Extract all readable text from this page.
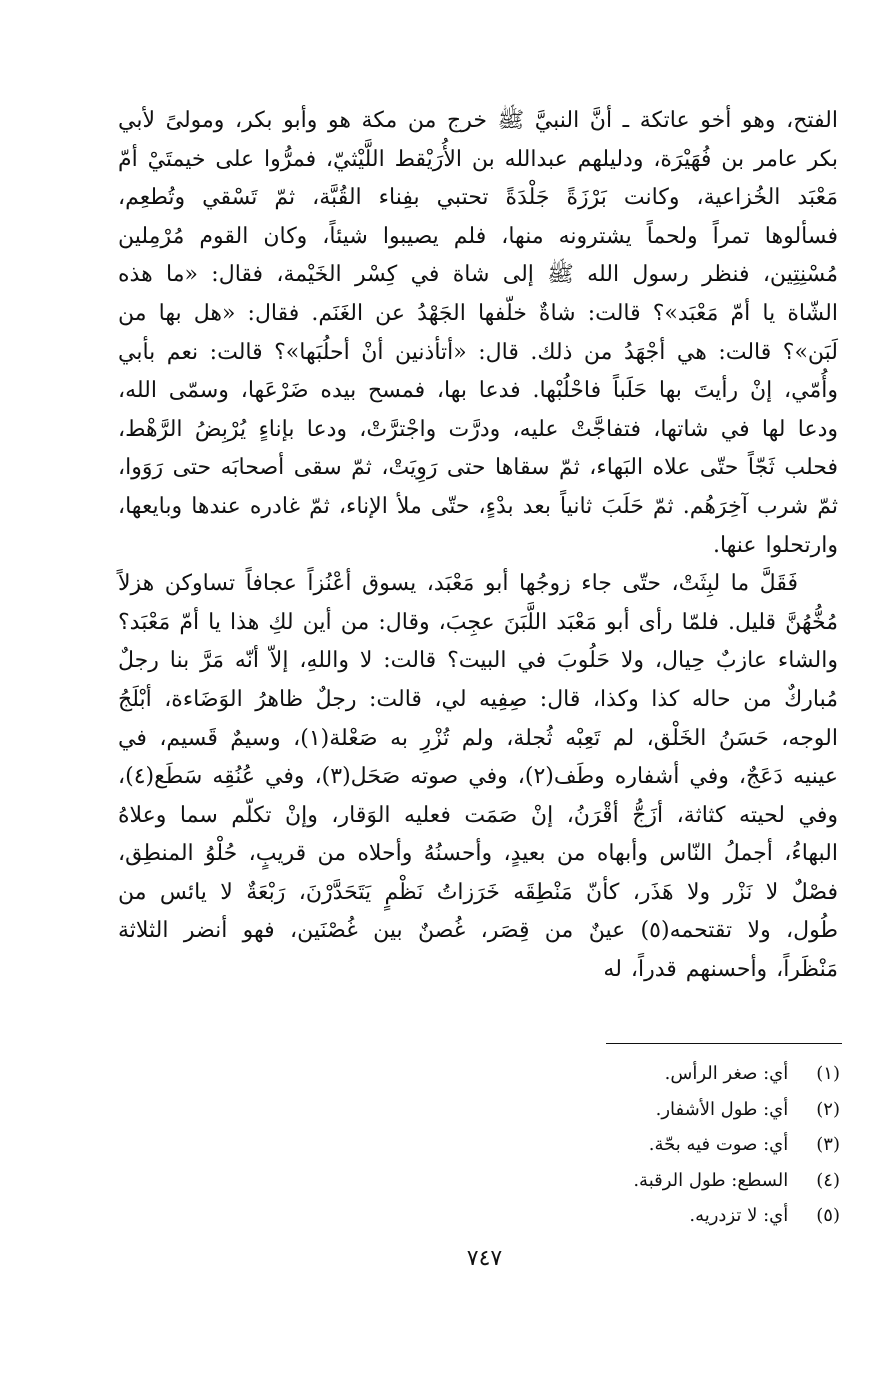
الفتح، وهو أخو عاتكة ـ أنَّ النبيَّ ﷺ خرج من مكة هو وأبو بكر، ومولىً لأبي بكر عامر بن فُهَيْرَة، ودليلهم عبدالله بن الأُرَيْقط اللَّيْثيّ، فمرُّوا على خيمتَيْ أمّ مَعْبَد الخُزاعية، وكانت بَرْزَةً جَلْدَةً تحتبي بفِناء القُبَّة، ثمّ تَسْقي وتُطعِم، فسألوها تمراً ولحماً يشترونه منها، فلم يصيبوا شيئاً، وكان القوم مُرْمِلين مُسْنِتِين، فنظر رسول الله ﷺ إلى شاة في كِسْر الخَيْمة، فقال: «ما هذه الشّاة يا أمّ مَعْبَد»؟ قالت: شاةٌ خلّفها الجَهْدُ عن الغَنَم. فقال: «هل بها من لَبَن»؟ قالت: هي أجْهَدُ من ذلك. قال: «أتأذنين أنْ أحلُبَها»؟ قالت: نعم بأبي وأُمّي، إنْ رأيتَ بها حَلَباً فاحْلُبْها. فدعا بها، فمسح بيده ضَرْعَها، وسمّى الله، ودعا لها في شاتها، فتفاجَّتْ عليه، ودرَّت واجْترَّتْ، ودعا بإناءٍ يُرْبِضُ الرَّهْط، فحلب ثَجّاً حتّى علاه البَهاء، ثمّ سقاها حتى رَوِيَتْ، ثمّ سقى أصحابَه حتى رَوَوا، ثمّ شرب آخِرَهُم. ثمّ حَلَبَ ثانياً بعد بدْءٍ، حتّى ملأ الإناء، ثمّ غادره عندها وبايعها، وارتحلوا عنها.

فَقَلَّ ما لبِثَتْ، حتّى جاء زوجُها أبو مَعْبَد، يسوق أعْنُزاً عجافاً تساوكن هزلاً مُخُّهُنَّ قليل. فلمّا رأى أبو مَعْبَد اللَّبَنَ عجِبَ، وقال: من أين لكِ هذا يا أمّ مَعْبَد؟ والشاء عازبٌ حِيال، ولا حَلُوبَ في البيت؟ قالت: لا واللهِ، إلاّ أنّه مَرَّ بنا رجلٌ مُباركٌ من حاله كذا وكذا، قال: صِفِيه لي، قالت: رجلٌ ظاهرُ الوَضَاءة، أبْلَجُ الوجه، حَسَنُ الخَلْق، لم تَعِبْه ثُجلة، ولم تُزْرِ به صَعْلة(١)، وسيمٌ قَسيم، في عينيه دَعَجٌ، وفي أشفاره وطَف(٢)، وفي صوته صَحَل(٣)، وفي عُنُقِه سَطَع(٤)، وفي لحيته كثاثة، أزَجُّ أقْرَنُ، إنْ صَمَت فعليه الوَقار، وإنْ تكلّم سما وعلاهُ البهاءُ، أجملُ النّاس وأبهاه من بعيدٍ، وأحسنُهُ وأحلاه من قريبٍ، حُلْوُ المنطِق، فصْلٌ لا نَزْر ولا هَذَر، كأنّ مَنْطِقَه خَرَزاتُ نَظْمٍ يَتَحَدَّرْنَ، رَبْعَةٌ لا يائس من طُول، ولا تقتحمه(٥) عينٌ من قِصَر، غُصنٌ بين غُصْنَين، فهو أنضر الثلاثة مَنْظَراً، وأحسنهم قدراً، له

(١) أي: صغر الرأس.
(٢) أي: طول الأشفار.
(٣) أي: صوت فيه بحّة.
(٤) السطع: طول الرقبة.
(٥) أي: لا تزدريه.
٧٤٧
